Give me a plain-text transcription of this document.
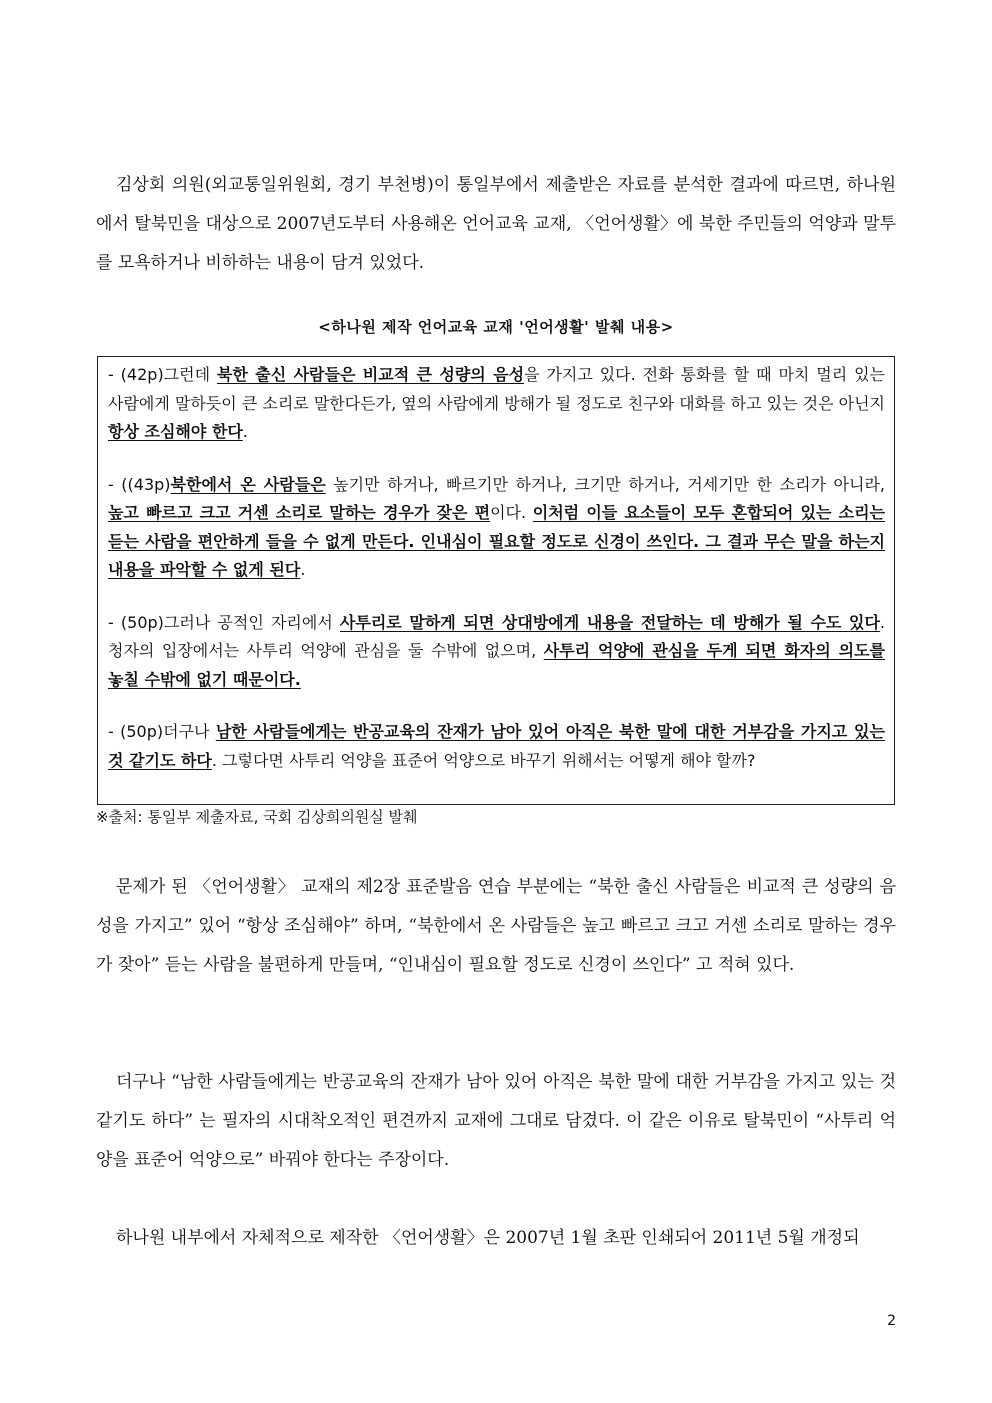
김상회 의원(외교통일위원회, 경기 부천병)이 통일부에서 제출받은 자료를 분석한 결과에 따르면, 하나원에서 탈북민을 대상으로 2007년도부터 사용해온 언어교육 교재, 〈언어생활〉에 북한 주민들의 억양과 말투를 모욕하거나 비하하는 내용이 담겨 있었다.

<하나원 제작 언어교육 교재 '언어생활' 발췌 내용>

- (42p)그런데 북한 출신 사람들은 비교적 큰 성량의 음성을 가지고 있다. 전화 통화를 할 때 마치 멀리 있는 사람에게 말하듯이 큰 소리로 말한다든가, 옆의 사람에게 방해가 될 정도로 친구와 대화를 하고 있는 것은 아닌지 항상 조심해야 한다.

- ((43p)북한에서 온 사람들은 높기만 하거나, 빠르기만 하거나, 크기만 하거나, 거세기만 한 소리가 아니라, 높고 빠르고 크고 거센 소리로 말하는 경우가 잦은 편이다. 이처럼 이들 요소들이 모두 혼합되어 있는 소리는 듣는 사람을 편안하게 들을 수 없게 만든다. 인내심이 필요할 정도로 신경이 쓰인다. 그 결과 무슨 말을 하는지 내용을 파악할 수 없게 된다.

- (50p)그러나 공적인 자리에서 사투리로 말하게 되면 상대방에게 내용을 전달하는 데 방해가 될 수도 있다. 청자의 입장에서는 사투리 억양에 관심을 둘 수밖에 없으며, 사투리 억양에 관심을 두게 되면 화자의 의도를 놓칠 수밖에 없기 때문이다.

- (50p)더구나 남한 사람들에게는 반공교육의 잔재가 남아 있어 아직은 북한 말에 대한 거부감을 가지고 있는 것 같기도 하다. 그렇다면 사투리 억양을 표준어 억양으로 바꾸기 위해서는 어떻게 해야 할까?

※출처: 통일부 제출자료, 국회 김상희의원실 발췌

문제가 된 〈언어생활〉 교재의 제2장 표준발음 연습 부분에는 “북한 출신 사람들은 비교적 큰 성량의 음성을 가지고” 있어 “항상 조심해야” 하며, “북한에서 온 사람들은 높고 빠르고 크고 거센 소리로 말하는 경우가 잦아” 듣는 사람을 불편하게 만들며, “인내심이 필요할 정도로 신경이 쓰인다” 고 적혀 있다.

더구나 “남한 사람들에게는 반공교육의 잔재가 남아 있어 아직은 북한 말에 대한 거부감을 가지고 있는 것 같기도 하다” 는 필자의 시대착오적인 편견까지 교재에 그대로 담겼다. 이 같은 이유로 탈북민이 “사투리 억양을 표준어 억양으로” 바꿔야 한다는 주장이다.

하나원 내부에서 자체적으로 제작한 〈언어생활〉은 2007년 1월 초판 인쇄되어 2011년 5월 개정되

2
